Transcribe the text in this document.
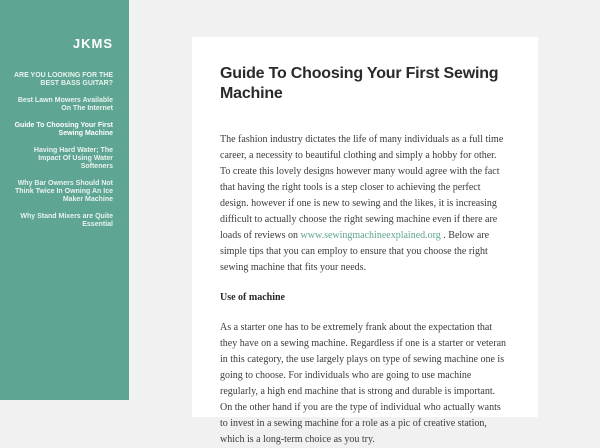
JKMS
ARE YOU LOOKING FOR THE BEST BASS GUITAR?
Best Lawn Mowers Available On The Internet
Guide To Choosing Your First Sewing Machine
Having Hard Water; The Impact Of Using Water Softeners
Why Bar Owners Should Not Think Twice In Owning An Ice Maker Machine
Why Stand Mixers are Quite Essential
Guide To Choosing Your First Sewing Machine

The fashion industry dictates the life of many individuals as a full time career, a necessity to beautiful clothing and simply a hobby for other. To create this lovely designs however many would agree with the fact that having the right tools is a step closer to achieving the perfect design. however if one is new to sewing and the likes, it is increasing difficult to actually choose the right sewing machine even if there are loads of reviews on www.sewingmachineexplained.org . Below are simple tips that you can employ to ensure that you choose the right sewing machine that fits your needs.

Use of machine

As a starter one has to be extremely frank about the expectation that they have on a sewing machine. Regardless if one is a starter or veteran in this category, the use largely plays on type of sewing machine one is going to choose. For individuals who are going to use machine regularly, a high end machine that is strong and durable is important. On the other hand if you are the type of individual who actually wants to invest in a sewing machine for a role as a pic of creative station, which is a long-term choice as you try.
